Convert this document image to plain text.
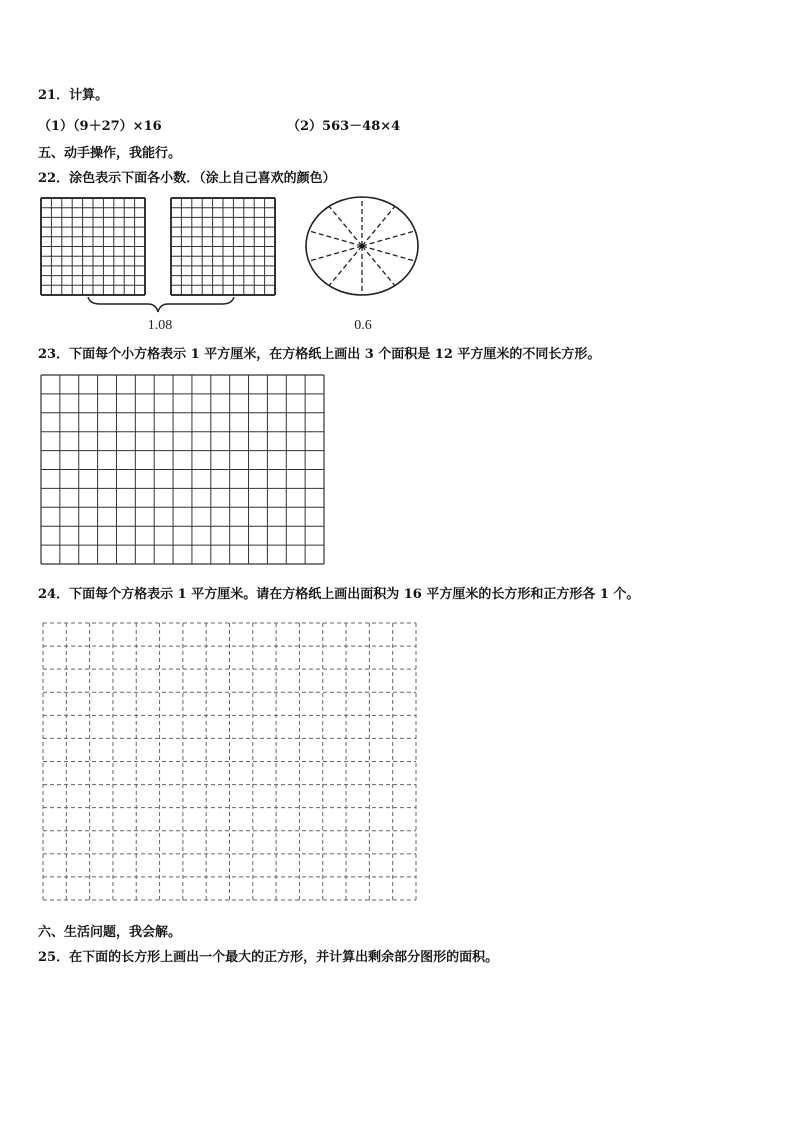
21．计算。
（1）（9＋27）×16	（2）563－48×4
五、动手操作，我能行。
22．涂色表示下面各小数．（涂上自己喜欢的颜色）
1.08	0.6
23．下面每个小方格表示 1 平方厘米，在方格纸上画出 3 个面积是 12 平方厘米的不同长方形。
24．下面每个方格表示 1 平方厘米。请在方格纸上画出面积为 16 平方厘米的长方形和正方形各 1 个。
六、生活问题，我会解。
25．在下面的长方形上画出一个最大的正方形，并计算出剩余部分图形的面积。
